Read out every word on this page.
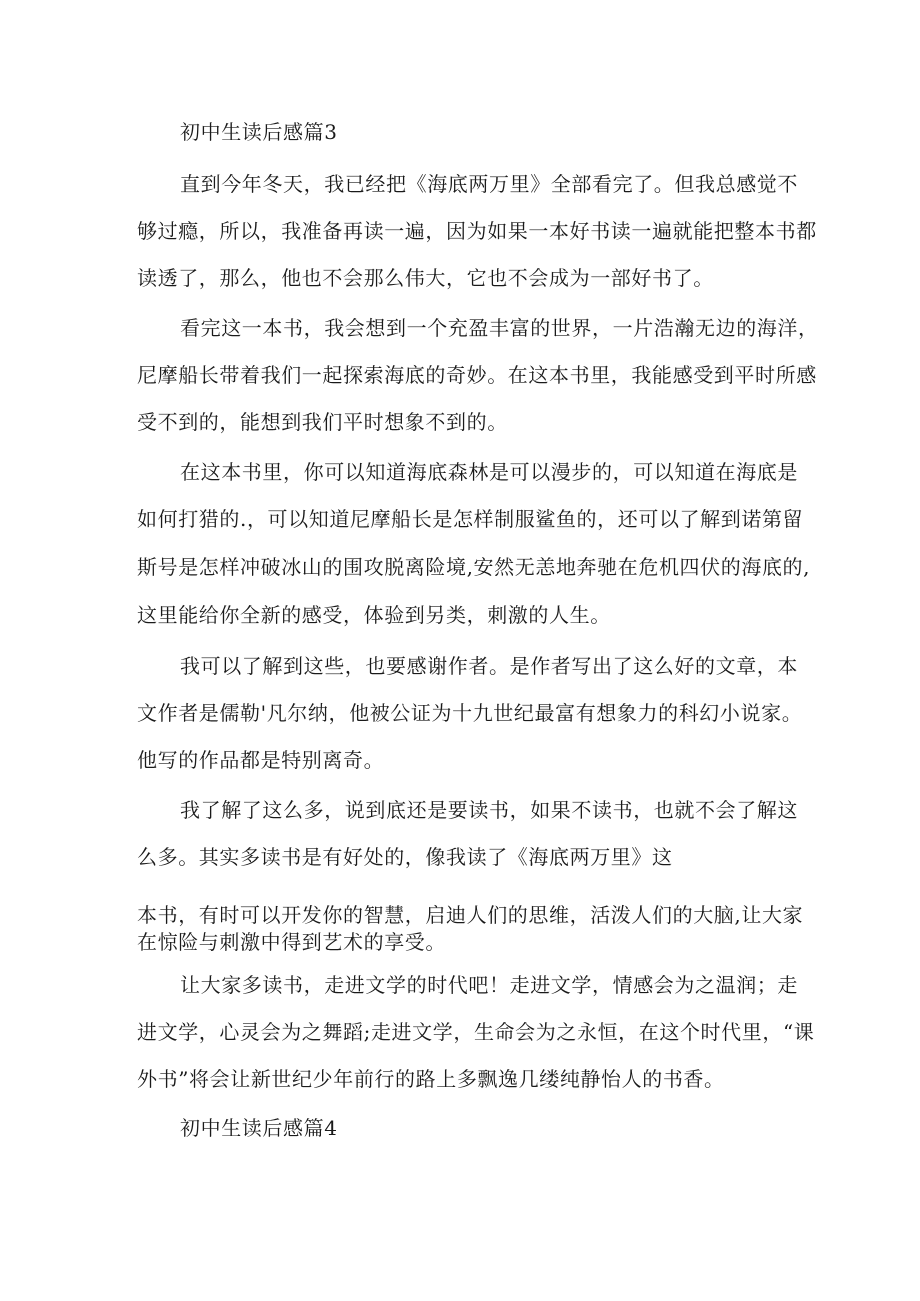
初中生读后感篇3
直到今年冬天，我已经把《海底两万里》全部看完了。但我总感觉不
够过瘾，所以，我准备再读一遍，因为如果一本好书读一遍就能把整本书都
读透了，那么，他也不会那么伟大，它也不会成为一部好书了。
看完这一本书，我会想到一个充盈丰富的世界，一片浩瀚无边的海洋，
尼摩船长带着我们一起探索海底的奇妙。在这本书里，我能感受到平时所感
受不到的，能想到我们平时想象不到的。
在这本书里，你可以知道海底森林是可以漫步的，可以知道在海底是
如何打猎的.，可以知道尼摩船长是怎样制服鲨鱼的，还可以了解到诺第留
斯号是怎样冲破冰山的围攻脱离险境,安然无恙地奔驰在危机四伏的海底的,
这里能给你全新的感受，体验到另类，刺激的人生。
我可以了解到这些，也要感谢作者。是作者写出了这么好的文章，本
文作者是儒勒'凡尔纳，他被公证为十九世纪最富有想象力的科幻小说家。
他写的作品都是特别离奇。
我了解了这么多，说到底还是要读书，如果不读书，也就不会了解这
么多。其实多读书是有好处的，像我读了《海底两万里》这
本书，有时可以开发你的智慧，启迪人们的思维，活泼人们的大脑,让大家
在惊险与刺激中得到艺术的享受。
让大家多读书，走进文学的时代吧！走进文学，情感会为之温润；走
进文学，心灵会为之舞蹈;走进文学，生命会为之永恒，在这个时代里，“课
外书”将会让新世纪少年前行的路上多飘逸几缕纯静怡人的书香。
初中生读后感篇4
